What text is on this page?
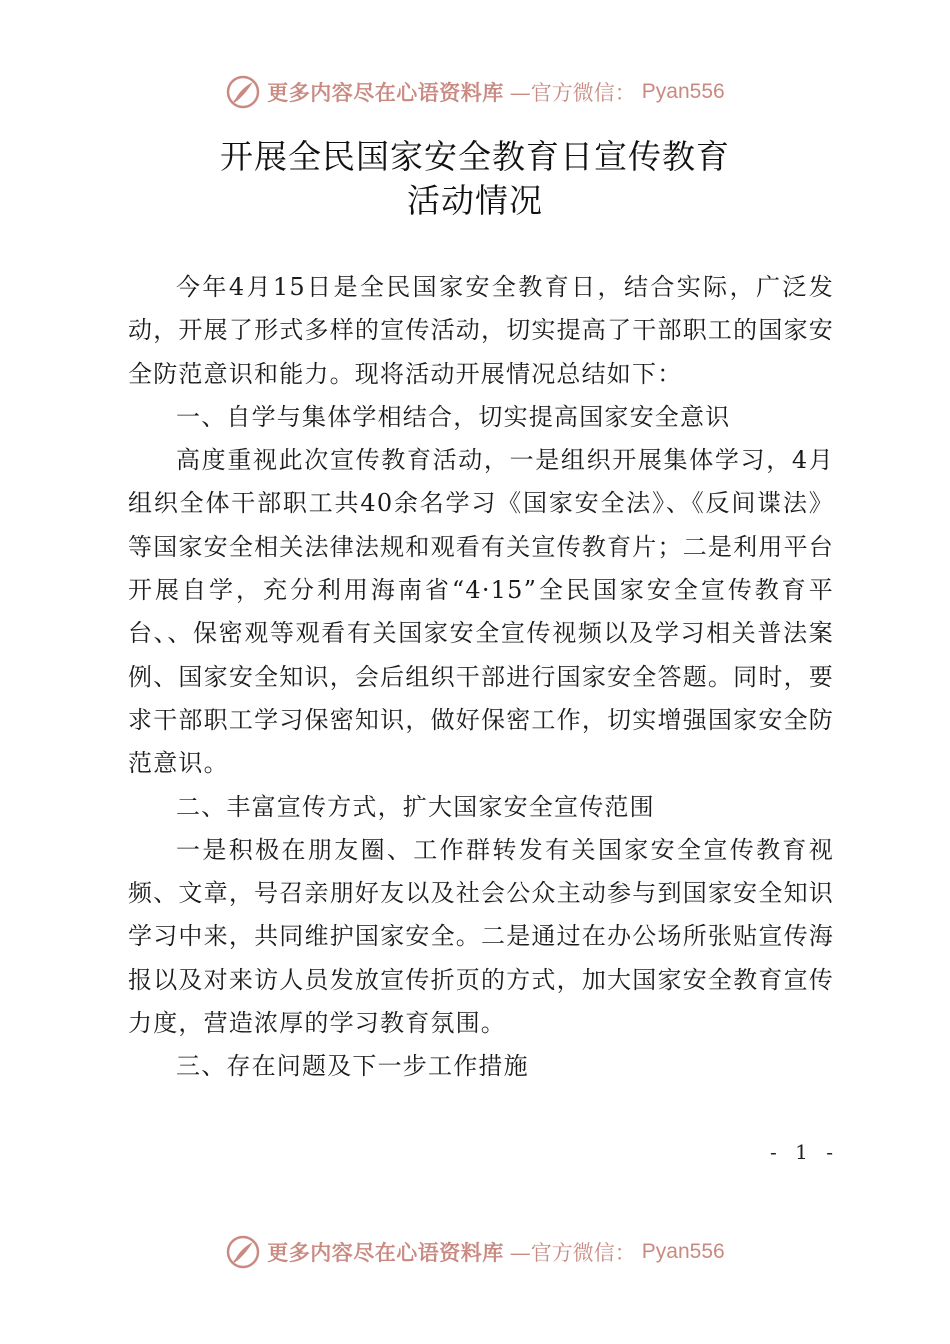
更多内容尽在心语资料库 —官方微信： Pyan556
开展全民国家安全教育日宣传教育
活动情况

今年4月15日是全民国家安全教育日，结合实际，广泛发动，开展了形式多样的宣传活动，切实提高了干部职工的国家安全防范意识和能力。现将活动开展情况总结如下：

一、自学与集体学相结合，切实提高国家安全意识

高度重视此次宣传教育活动，一是组织开展集体学习，4月组织全体干部职工共40余名学习《国家安全法》、《反间谍法》等国家安全相关法律法规和观看有关宣传教育片；二是利用平台开展自学，充分利用海南省“4·15”全民国家安全宣传教育平台、、保密观等观看有关国家安全宣传视频以及学习相关普法案例、国家安全知识，会后组织干部进行国家安全答题。同时，要求干部职工学习保密知识，做好保密工作，切实增强国家安全防范意识。

二、丰富宣传方式，扩大国家安全宣传范围

一是积极在朋友圈、工作群转发有关国家安全宣传教育视频、文章，号召亲朋好友以及社会公众主动参与到国家安全知识学习中来，共同维护国家安全。二是通过在办公场所张贴宣传海报以及对来访人员发放宣传折页的方式，加大国家安全教育宣传力度，营造浓厚的学习教育氛围。

三、存在问题及下一步工作措施

- 1 -
更多内容尽在心语资料库 —官方微信： Pyan556
